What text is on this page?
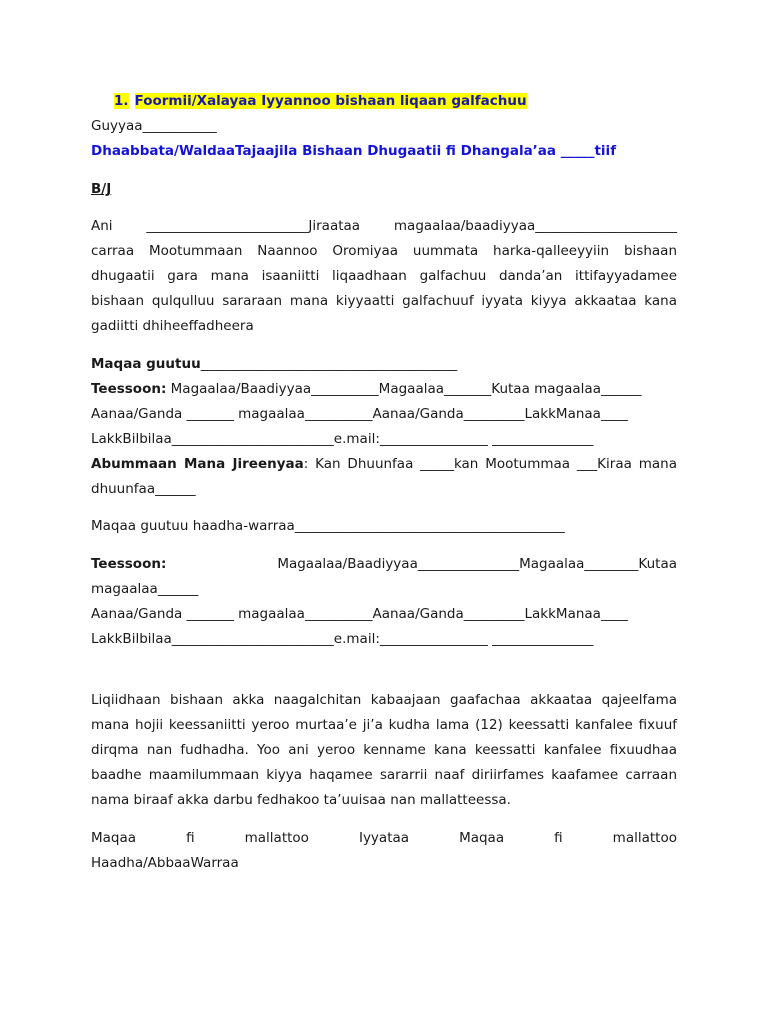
1. Foormii/Xalayaa Iyyannoo bishaan liqaan galfachuu
Guyyaa___________
Dhaabbata/WaldaaTajaajila Bishaan Dhugaatii fi Dhangala’aa _____tiif
B/J
Ani ________________________Jiraataa magaalaa/baadiyyaa_____________________
carraa Mootummaan Naannoo Oromiyaa uummata harka-qalleeyyiin bishaan
dhugaatii gara mana isaaniitti liqaadhaan galfachuu danda’an ittifayyadamee
bishaan qulqulluu sararaan mana kiyyaatti galfachuuf iyyata kiyya akkaataa kana
gadiitti dhiheeffadheera
Maqaa guutuu______________________________________
Teessoon: Magaalaa/Baadiyyaa__________Magaalaa_______Kutaa magaalaa______
Aanaa/Ganda _______ magaalaa__________Aanaa/Ganda_________LakkManaa____
LakkBilbilaa________________________e.mail:________________ _______________
Abummaan Mana Jireenyaa: Kan Dhuunfaa _____kan Mootummaa ___Kiraa mana
dhuunfaa______
Maqaa guutuu haadha-warraa________________________________________
Teessoon:	Magaalaa/Baadiyyaa_______________Magaalaa________Kutaa
magaalaa______
Aanaa/Ganda _______ magaalaa__________Aanaa/Ganda_________LakkManaa____
LakkBilbilaa________________________e.mail:________________ _______________
Liqiidhaan bishaan akka naagalchitan kabaajaan gaafachaa akkaataa qajeelfama
mana hojii keessaniitti yeroo murtaa’e ji’a kudha lama (12) keessatti kanfalee fixuuf
dirqma nan fudhadha. Yoo ani yeroo kenname kana keessatti kanfalee fixuudhaa
baadhe maamilummaan kiyya haqamee sararrii naaf diriirfames kaafamee carraan
nama biraaf akka darbu fedhakoo ta’uuisaa nan mallatteessa.
Maqaa fi mallattoo Iyyataa Maqaa fi mallattoo
Haadha/AbbaaWarraa
